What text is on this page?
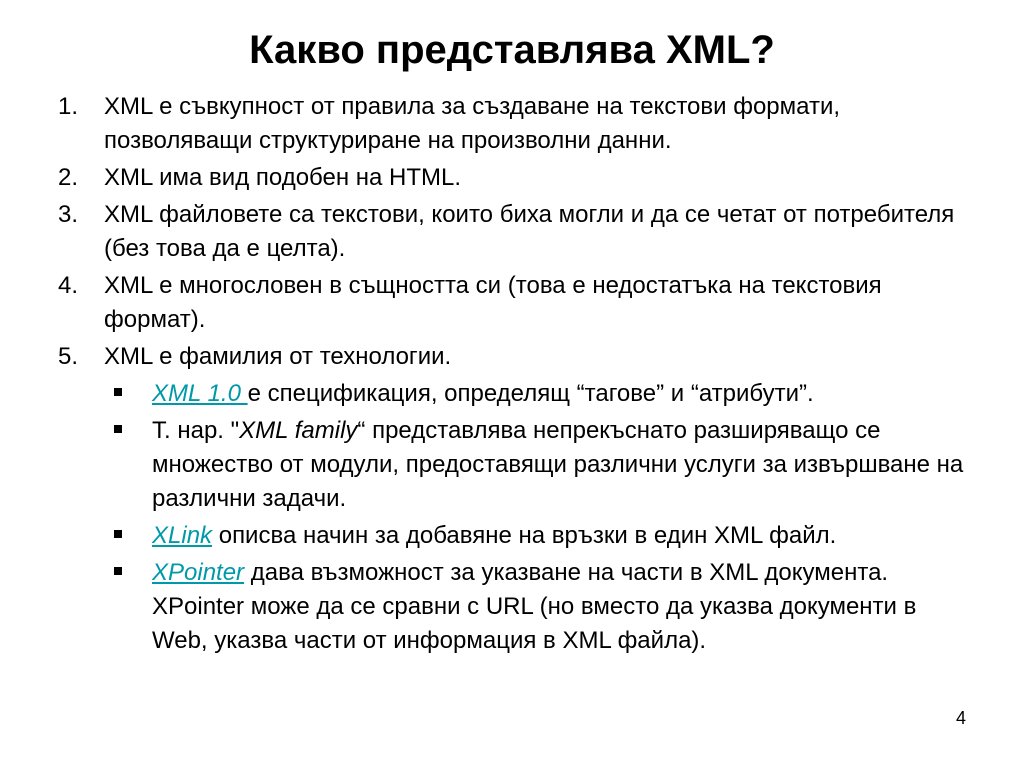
Какво представлява XML?
1. XML е съвкупност от правила за създаване на текстови формати, позволяващи структуриране на произволни данни.
2. XML има вид подобен на HTML.
3. XML файловете са текстови, които биха могли и да се четат от потребителя (без това да е целта).
4. XML е многословен в същността си (това е недостатъка на текстовия формат).
5. XML е фамилия от технологии.
XML 1.0 е спецификация, определящ “тагове” и “атрибути”.
Т. нар. "XML family“ представлява непрекъснато разширяващо се множество от модули, предоставящи различни услуги за извършване на различни задачи.
XLink описва начин за добавяне на връзки в един XML файл.
XPointer дава възможност за указване на части в XML документа. XPointer може да се сравни с URL (но вместо да указва документи в Web, указва части от информация в XML файла).
4
